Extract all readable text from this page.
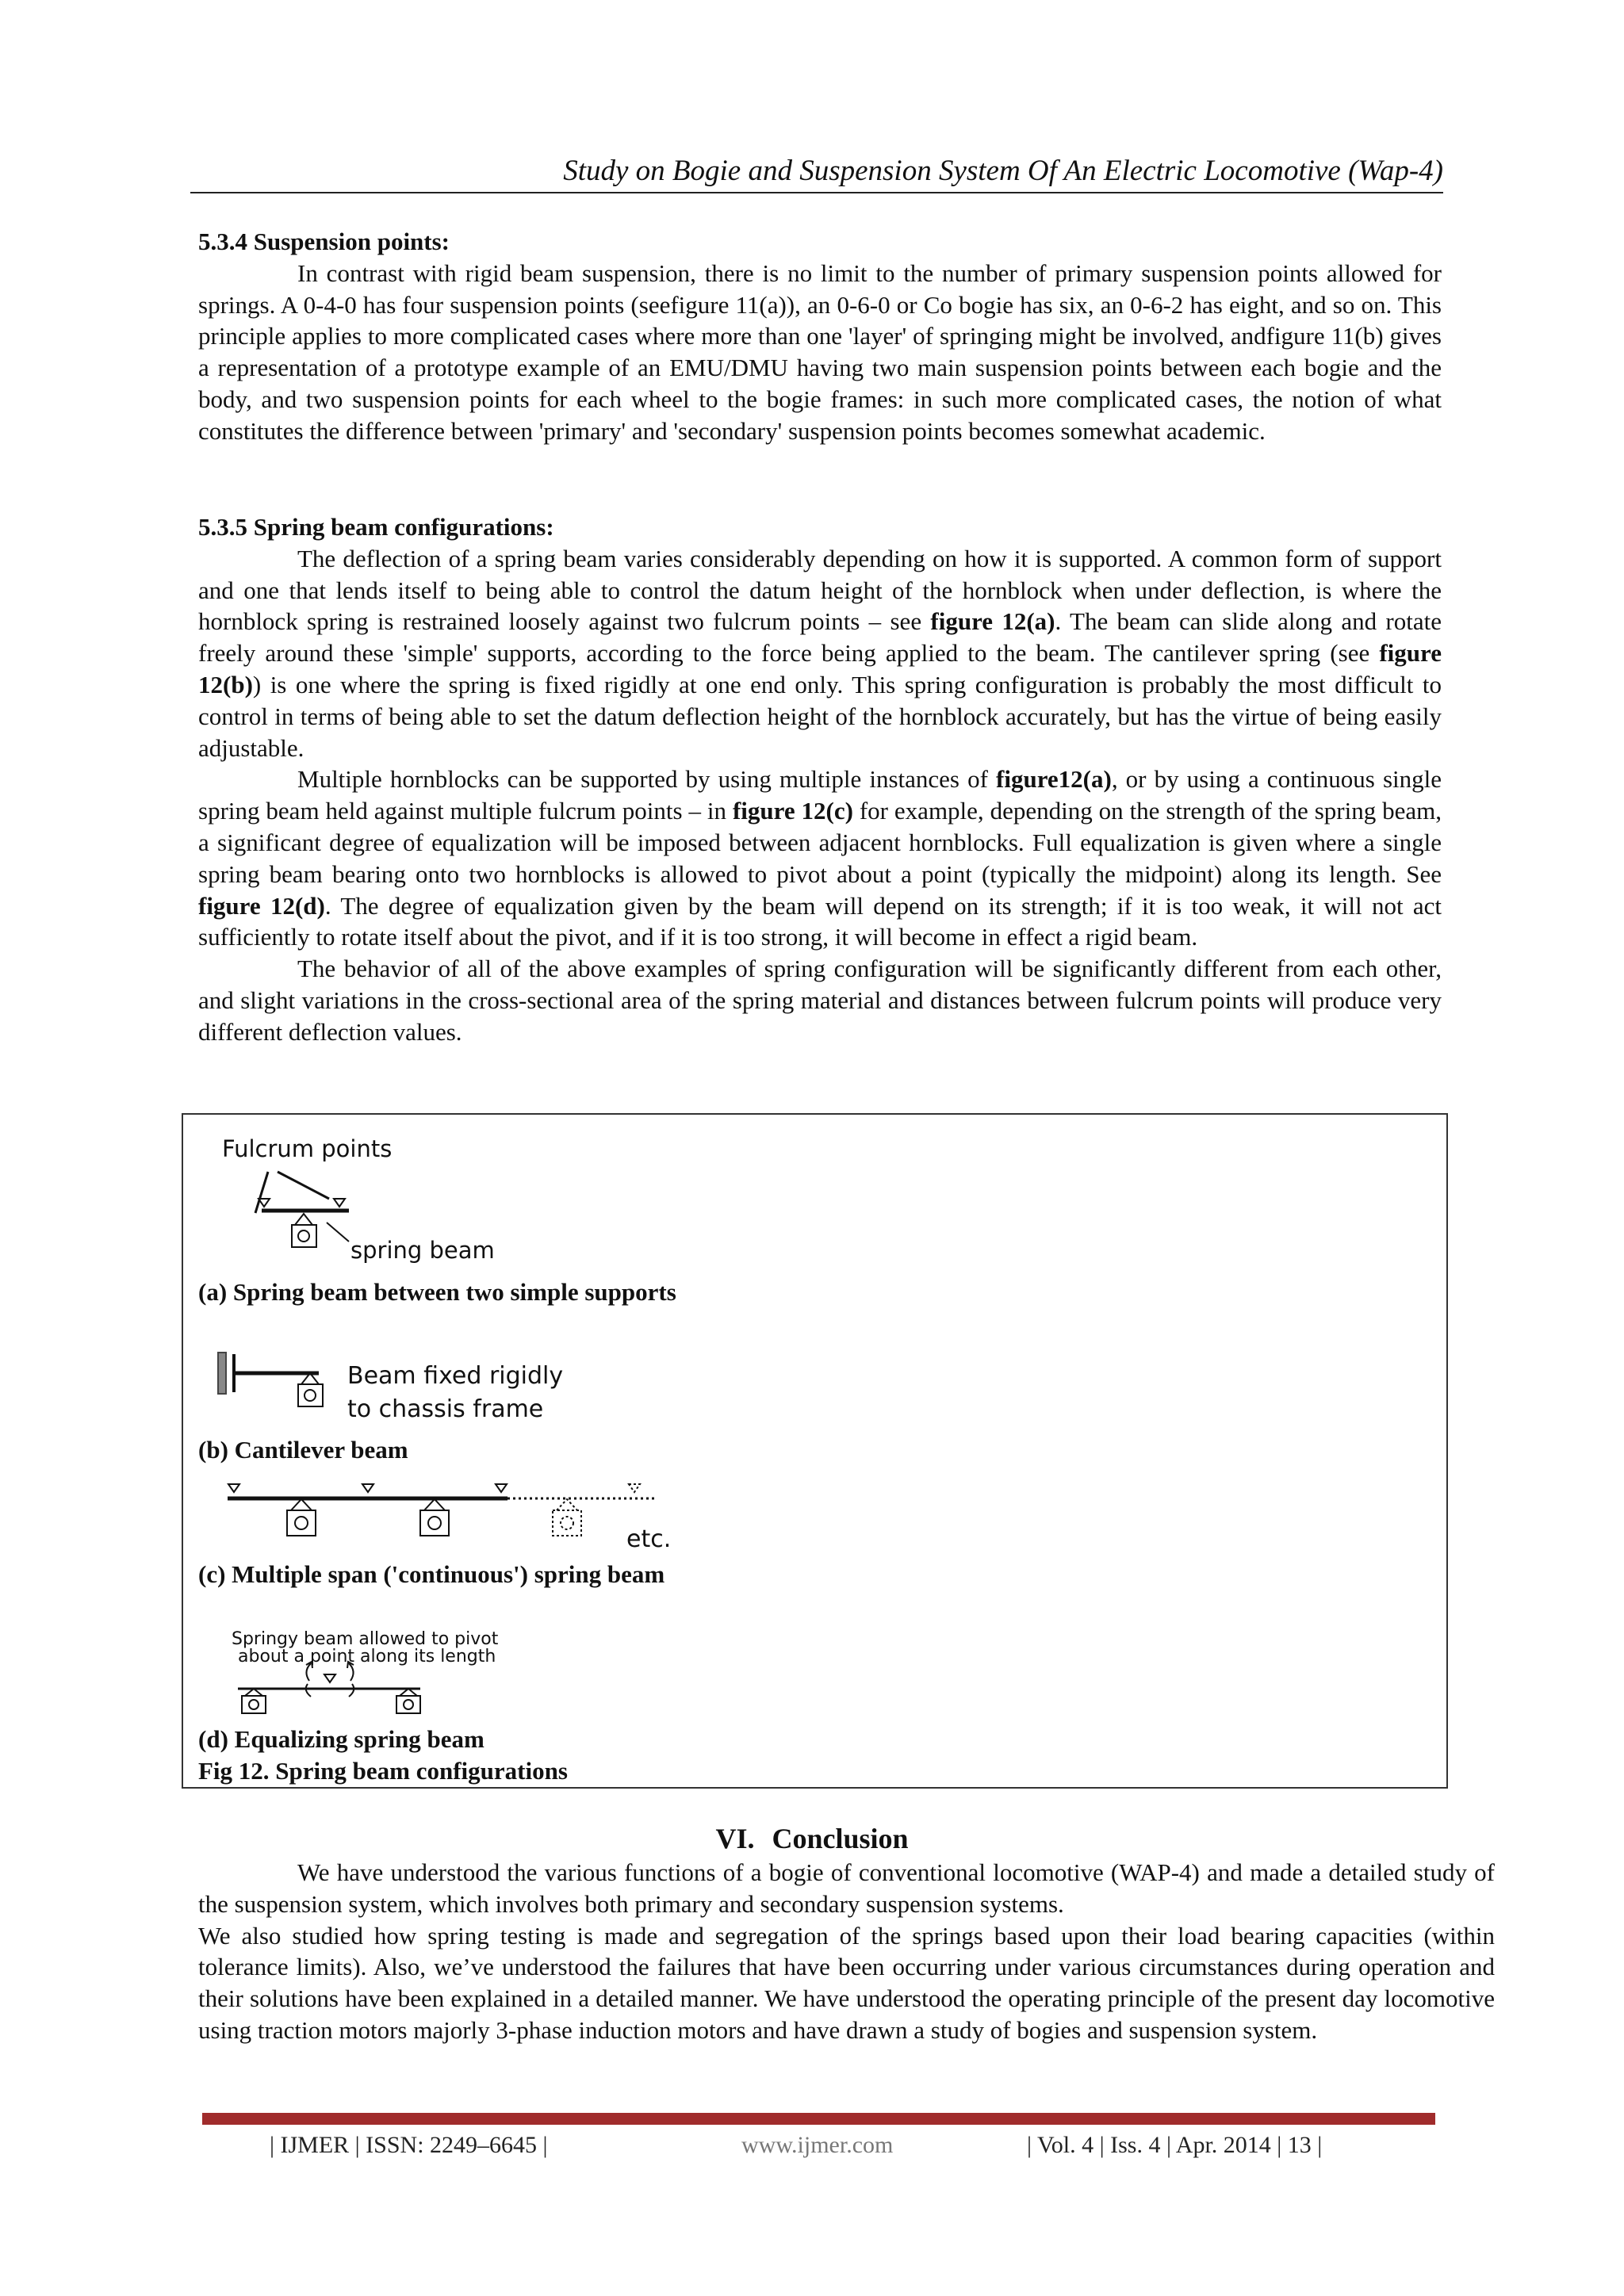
Study on Bogie and Suspension System Of An Electric Locomotive (Wap-4)
5.3.4 Suspension points:

In contrast with rigid beam suspension, there is no limit to the number of primary suspension points allowed for springs. A 0-4-0 has four suspension points (seefigure 11(a)), an 0-6-0 or Co bogie has six, an 0-6-2 has eight, and so on. This principle applies to more complicated cases where more than one 'layer' of springing might be involved, andfigure 11(b) gives a representation of a prototype example of an EMU/DMU having two main suspension points between each bogie and the body, and two suspension points for each wheel to the bogie frames: in such more complicated cases, the notion of what constitutes the difference between 'primary' and 'secondary' suspension points becomes somewhat academic.

5.3.5 Spring beam configurations:

The deflection of a spring beam varies considerably depending on how it is supported. A common form of support and one that lends itself to being able to control the datum height of the hornblock when under deflection, is where the hornblock spring is restrained loosely against two fulcrum points – see figure 12(a). The beam can slide along and rotate freely around these 'simple' supports, according to the force being applied to the beam. The cantilever spring (see figure 12(b)) is one where the spring is fixed rigidly at one end only. This spring configuration is probably the most difficult to control in terms of being able to set the datum deflection height of the hornblock accurately, but has the virtue of being easily adjustable.

Multiple hornblocks can be supported by using multiple instances of figure12(a), or by using a continuous single spring beam held against multiple fulcrum points – in figure 12(c) for example, depending on the strength of the spring beam, a significant degree of equalization will be imposed between adjacent hornblocks. Full equalization is given where a single spring beam bearing onto two hornblocks is allowed to pivot about a point (typically the midpoint) along its length. See figure 12(d). The degree of equalization given by the beam will depend on its strength; if it is too weak, it will not act sufficiently to rotate itself about the pivot, and if it is too strong, it will become in effect a rigid beam.

The behavior of all of the above examples of spring configuration will be significantly different from each other, and slight variations in the cross-sectional area of the spring material and distances between fulcrum points will produce very different deflection values.

Fulcrum points
spring beam
Beam fixed rigidly
to chassis frame
etc.
Springy beam allowed to pivot
about a point along its length
(a) Spring beam between two simple supports
(b) Cantilever beam
(c) Multiple span ('continuous') spring beam
(d) Equalizing spring beam
Fig 12. Spring beam configurations
VI. Conclusion

We have understood the various functions of a bogie of conventional locomotive (WAP-4) and made a detailed study of the suspension system, which involves both primary and secondary suspension systems.

We also studied how spring testing is made and segregation of the springs based upon their load bearing capacities (within tolerance limits). Also, we’ve understood the failures that have been occurring under various circumstances during operation and their solutions have been explained in a detailed manner. We have understood the operating principle of the present day locomotive using traction motors majorly 3-phase induction motors and have drawn a study of bogies and suspension system.

| IJMER | ISSN: 2249–6645 |	www.ijmer.com	| Vol. 4 | Iss. 4 | Apr. 2014 | 13 |
